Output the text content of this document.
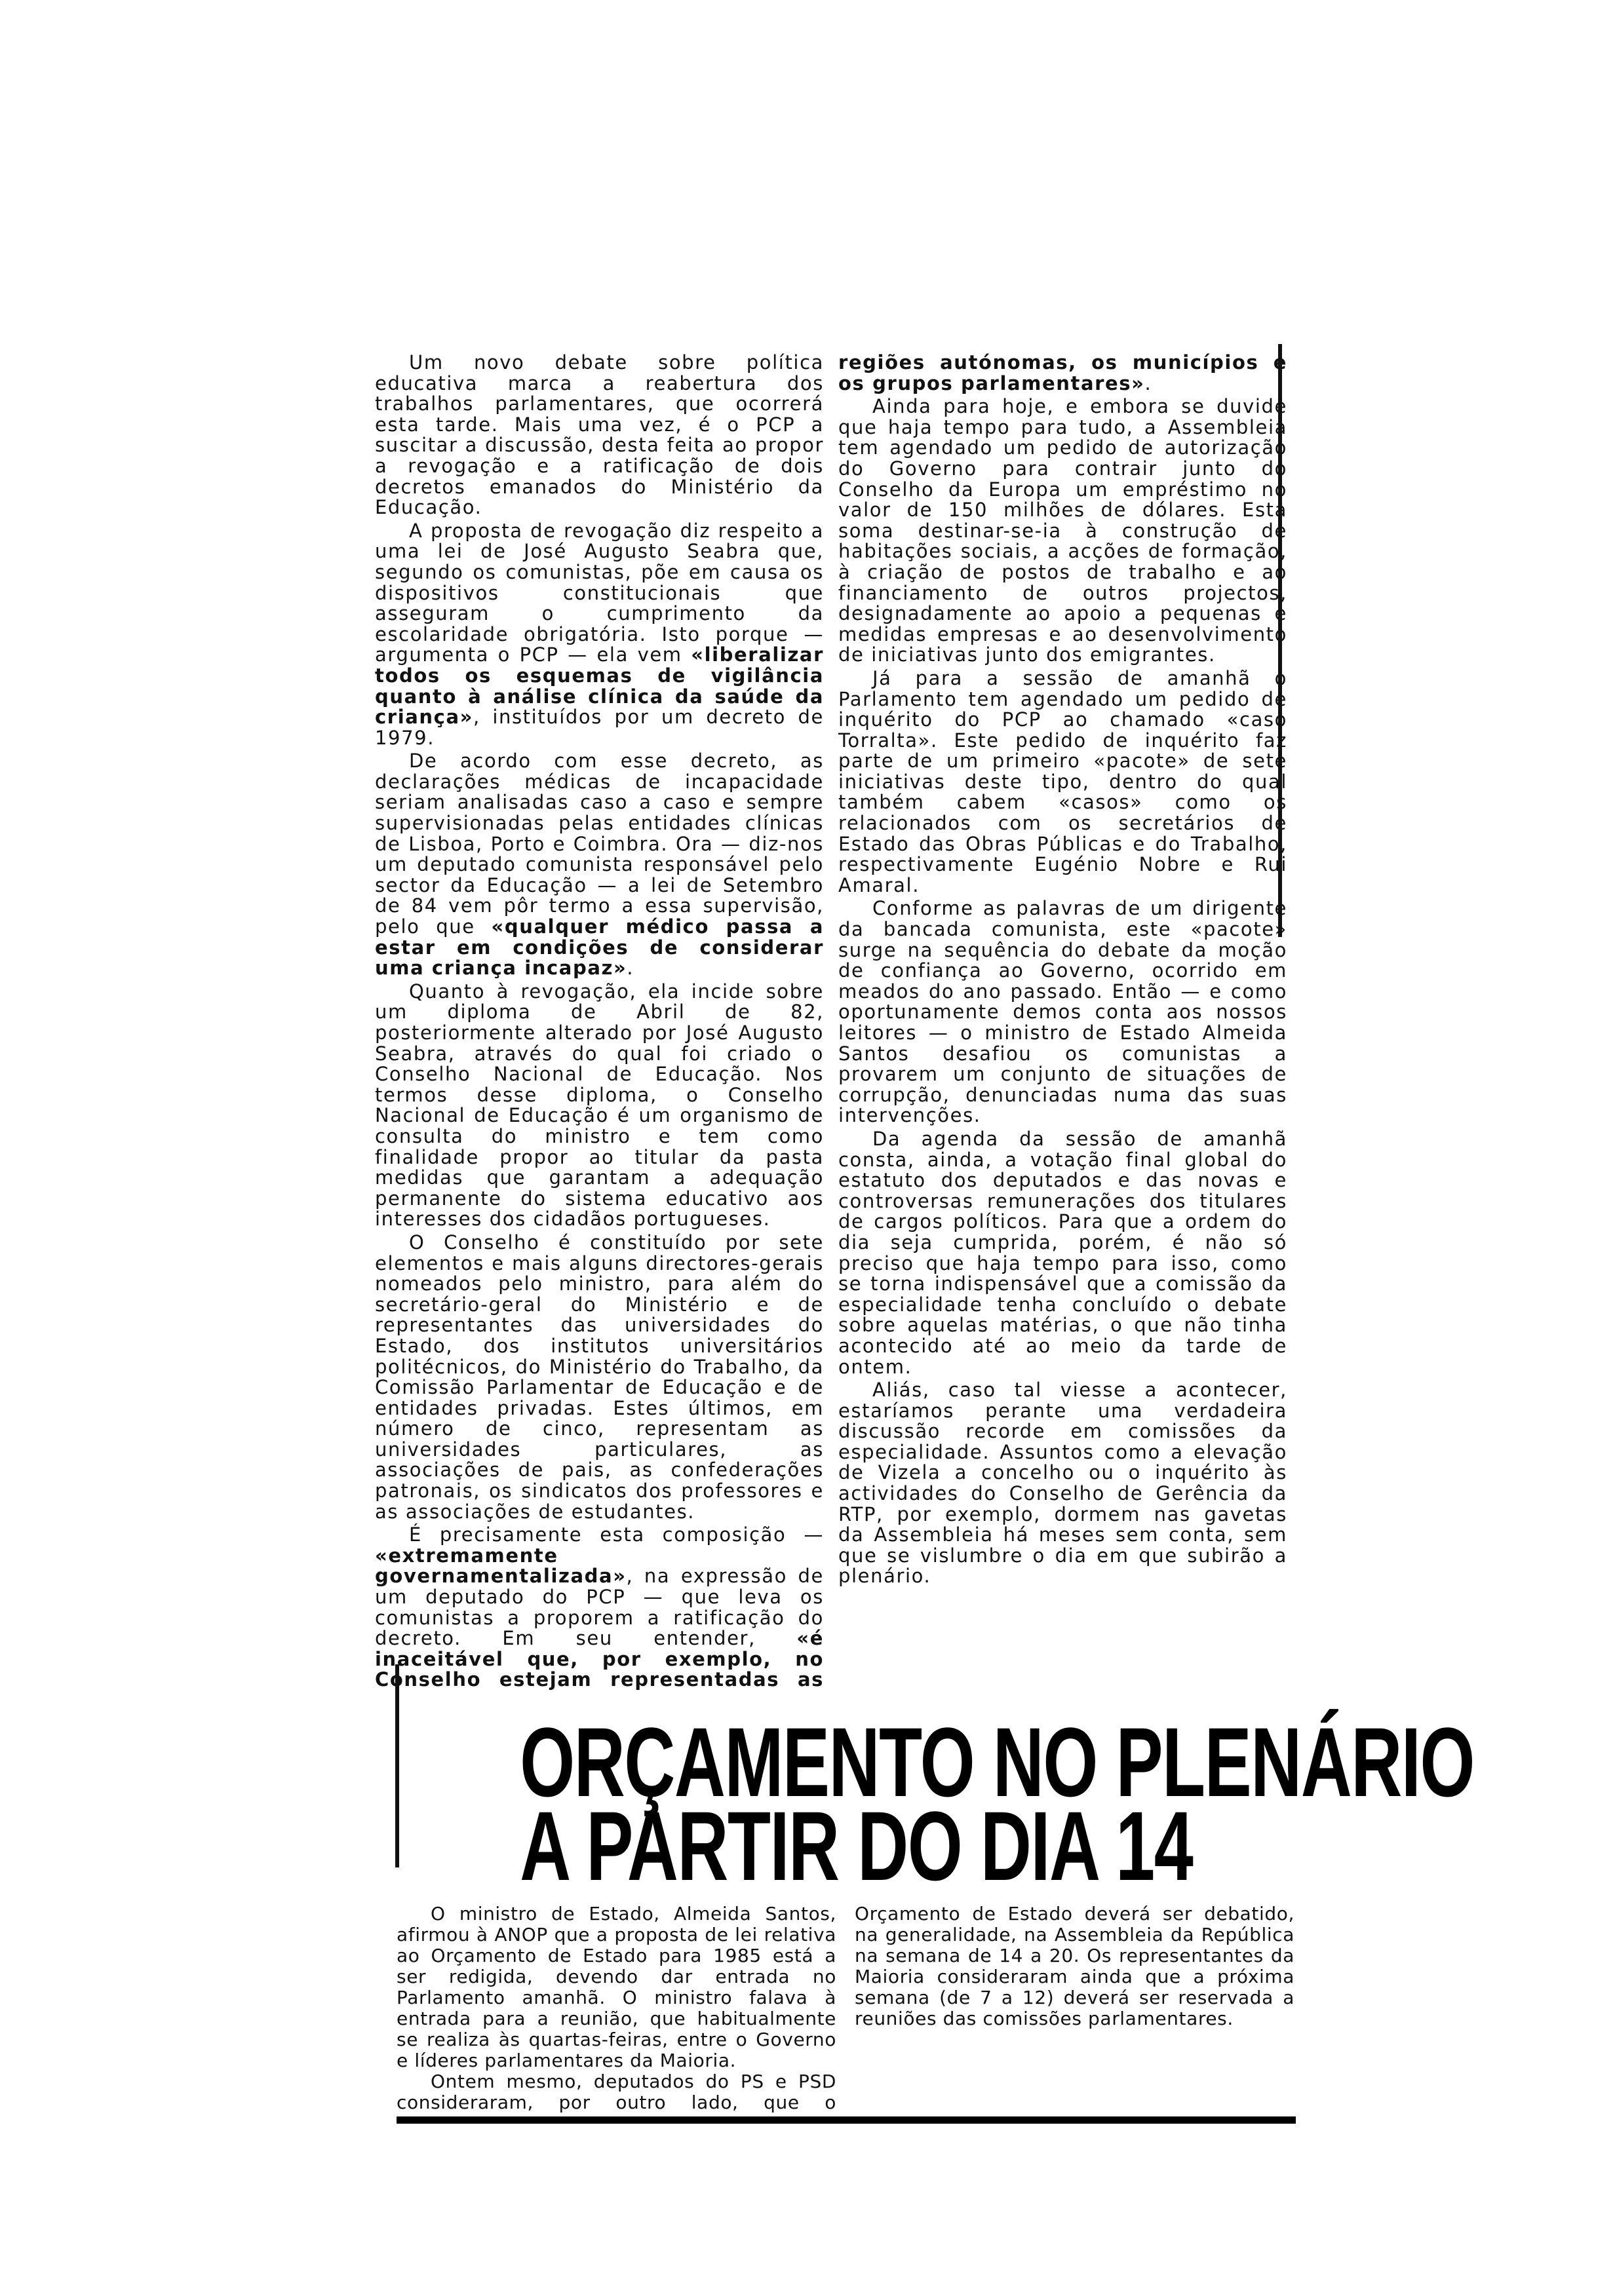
Um novo debate sobre política educativa marca a reabertura dos trabalhos parlamentares, que ocorrerá esta tarde. Mais uma vez, é o PCP a suscitar a discussão, desta feita ao propor a revogação e a ratificação de dois decretos emanados do Ministério da Educação.

A proposta de revogação diz respeito a uma lei de José Augusto Seabra que, segundo os comunistas, põe em causa os dispositivos constitucionais que asseguram o cumprimento da escolaridade obrigatória. Isto porque — argumenta o PCP — ela vem «liberalizar todos os esquemas de vigilância quanto à análise clínica da saúde da criança», instituídos por um decreto de 1979.

De acordo com esse decreto, as declarações médicas de incapacidade seriam analisadas caso a caso e sempre supervisionadas pelas entidades clínicas de Lisboa, Porto e Coimbra. Ora — diz-nos um deputado comunista responsável pelo sector da Educação — a lei de Setembro de 84 vem pôr termo a essa supervisão, pelo que «qualquer médico passa a estar em condições de considerar uma criança incapaz».

Quanto à revogação, ela incide sobre um diploma de Abril de 82, posteriormente alterado por José Augusto Seabra, através do qual foi criado o Conselho Nacional de Educação. Nos termos desse diploma, o Conselho Nacional de Educação é um organismo de consulta do ministro e tem como finalidade propor ao titular da pasta medidas que garantam a adequação permanente do sistema educativo aos interesses dos cidadãos portugueses.

O Conselho é constituído por sete elementos e mais alguns directores-gerais nomeados pelo ministro, para além do secretário-geral do Ministério e de representantes das universidades do Estado, dos institutos universitários politécnicos, do Ministério do Trabalho, da Comissão Parlamentar de Educação e de entidades privadas. Estes últimos, em número de cinco, representam as universidades particulares, as associações de pais, as confederações patronais, os sindicatos dos professores e as associações de estudantes.

É precisamente esta composição — «extremamente governamentalizada», na expressão de um deputado do PCP — que leva os comunistas a proporem a ratificação do decreto. Em seu entender, «é inaceitável que, por exemplo, no Conselho estejam representadas as regiões autónomas, os municípios e os grupos parlamentares».

Ainda para hoje, e embora se duvide que haja tempo para tudo, a Assembleia tem agendado um pedido de autorização do Governo para contrair junto do Conselho da Europa um empréstimo no valor de 150 milhões de dólares. Esta soma destinar-se-ia à construção de habitações sociais, a acções de formação, à criação de postos de trabalho e ao financiamento de outros projectos, designadamente ao apoio a pequenas e medidas empresas e ao desenvolvimento de iniciativas junto dos emigrantes.

Já para a sessão de amanhã o Parlamento tem agendado um pedido de inquérito do PCP ao chamado «caso Torralta». Este pedido de inquérito faz parte de um primeiro «pacote» de sete iniciativas deste tipo, dentro do qual também cabem «casos» como os relacionados com os secretários de Estado das Obras Públicas e do Trabalho, respectivamente Eugénio Nobre e Rui Amaral.

Conforme as palavras de um dirigente da bancada comunista, este «pacote» surge na sequência do debate da moção de confiança ao Governo, ocorrido em meados do ano passado. Então — e como oportunamente demos conta aos nossos leitores — o ministro de Estado Almeida Santos desafiou os comunistas a provarem um conjunto de situações de corrupção, denunciadas numa das suas intervenções.

Da agenda da sessão de amanhã consta, ainda, a votação final global do estatuto dos deputados e das novas e controversas remunerações dos titulares de cargos políticos. Para que a ordem do dia seja cumprida, porém, é não só preciso que haja tempo para isso, como se torna indispensável que a comissão da especialidade tenha concluído o debate sobre aquelas matérias, o que não tinha acontecido até ao meio da tarde de ontem.

Aliás, caso tal viesse a acontecer, estaríamos perante uma verdadeira discussão recorde em comissões da especialidade. Assuntos como a elevação de Vizela a concelho ou o inquérito às actividades do Conselho de Gerência da RTP, por exemplo, dormem nas gavetas da Assembleia há meses sem conta, sem que se vislumbre o dia em que subirão a plenário.

ORÇAMENTO NO PLENÁRIO
A PARTIR DO DIA 14

O ministro de Estado, Almeida Santos, afirmou à ANOP que a proposta de lei relativa ao Orçamento de Estado para 1985 está a ser redigida, devendo dar entrada no Parlamento amanhã. O ministro falava à entrada para a reunião, que habitualmente se realiza às quartas-feiras, entre o Governo e líderes parlamentares da Maioria.

Ontem mesmo, deputados do PS e PSD consideraram, por outro lado, que o Orçamento de Estado deverá ser debatido, na generalidade, na Assembleia da República na semana de 14 a 20. Os representantes da Maioria consideraram ainda que a próxima semana (de 7 a 12) deverá ser reservada a reuniões das comissões parlamentares.
